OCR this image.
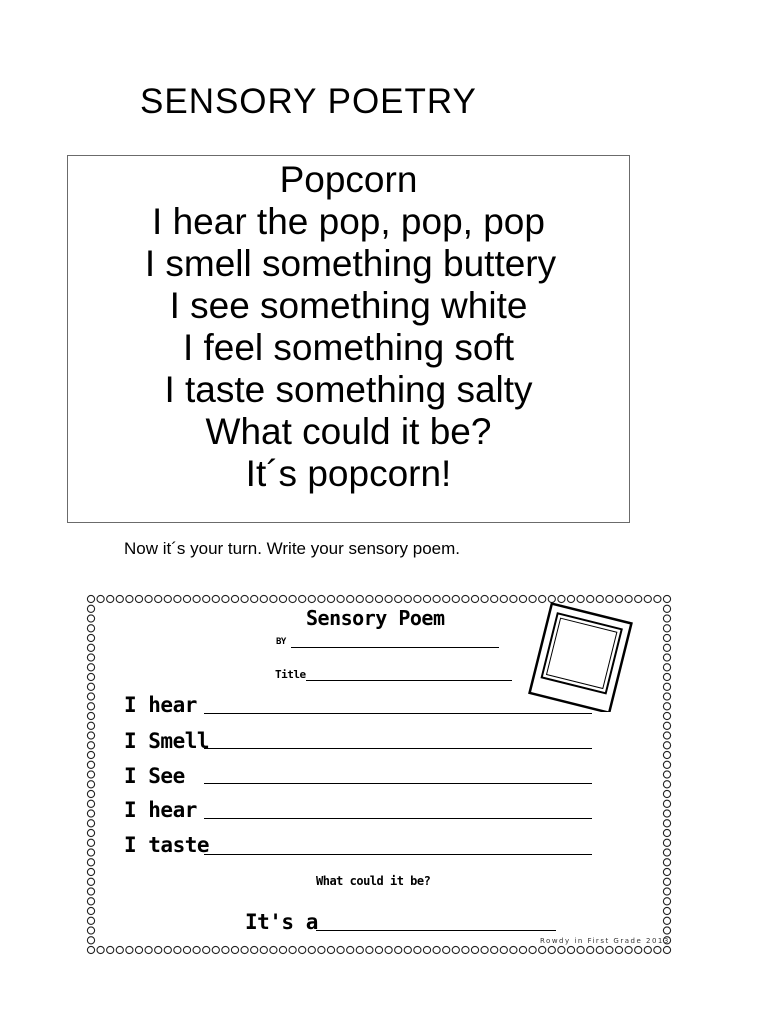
SENSORY POETRY
Popcorn
I hear the pop, pop, pop
I smell something buttery
I see something white
I feel something soft
I taste something salty
What could it be?
It´s popcorn!
Now it´s your turn. Write your sensory poem.
Sensory Poem
BY
Title
I hear
I Smell
I See
I hear
I taste
What could it be?
It's a
Rowdy in First Grade 2013
